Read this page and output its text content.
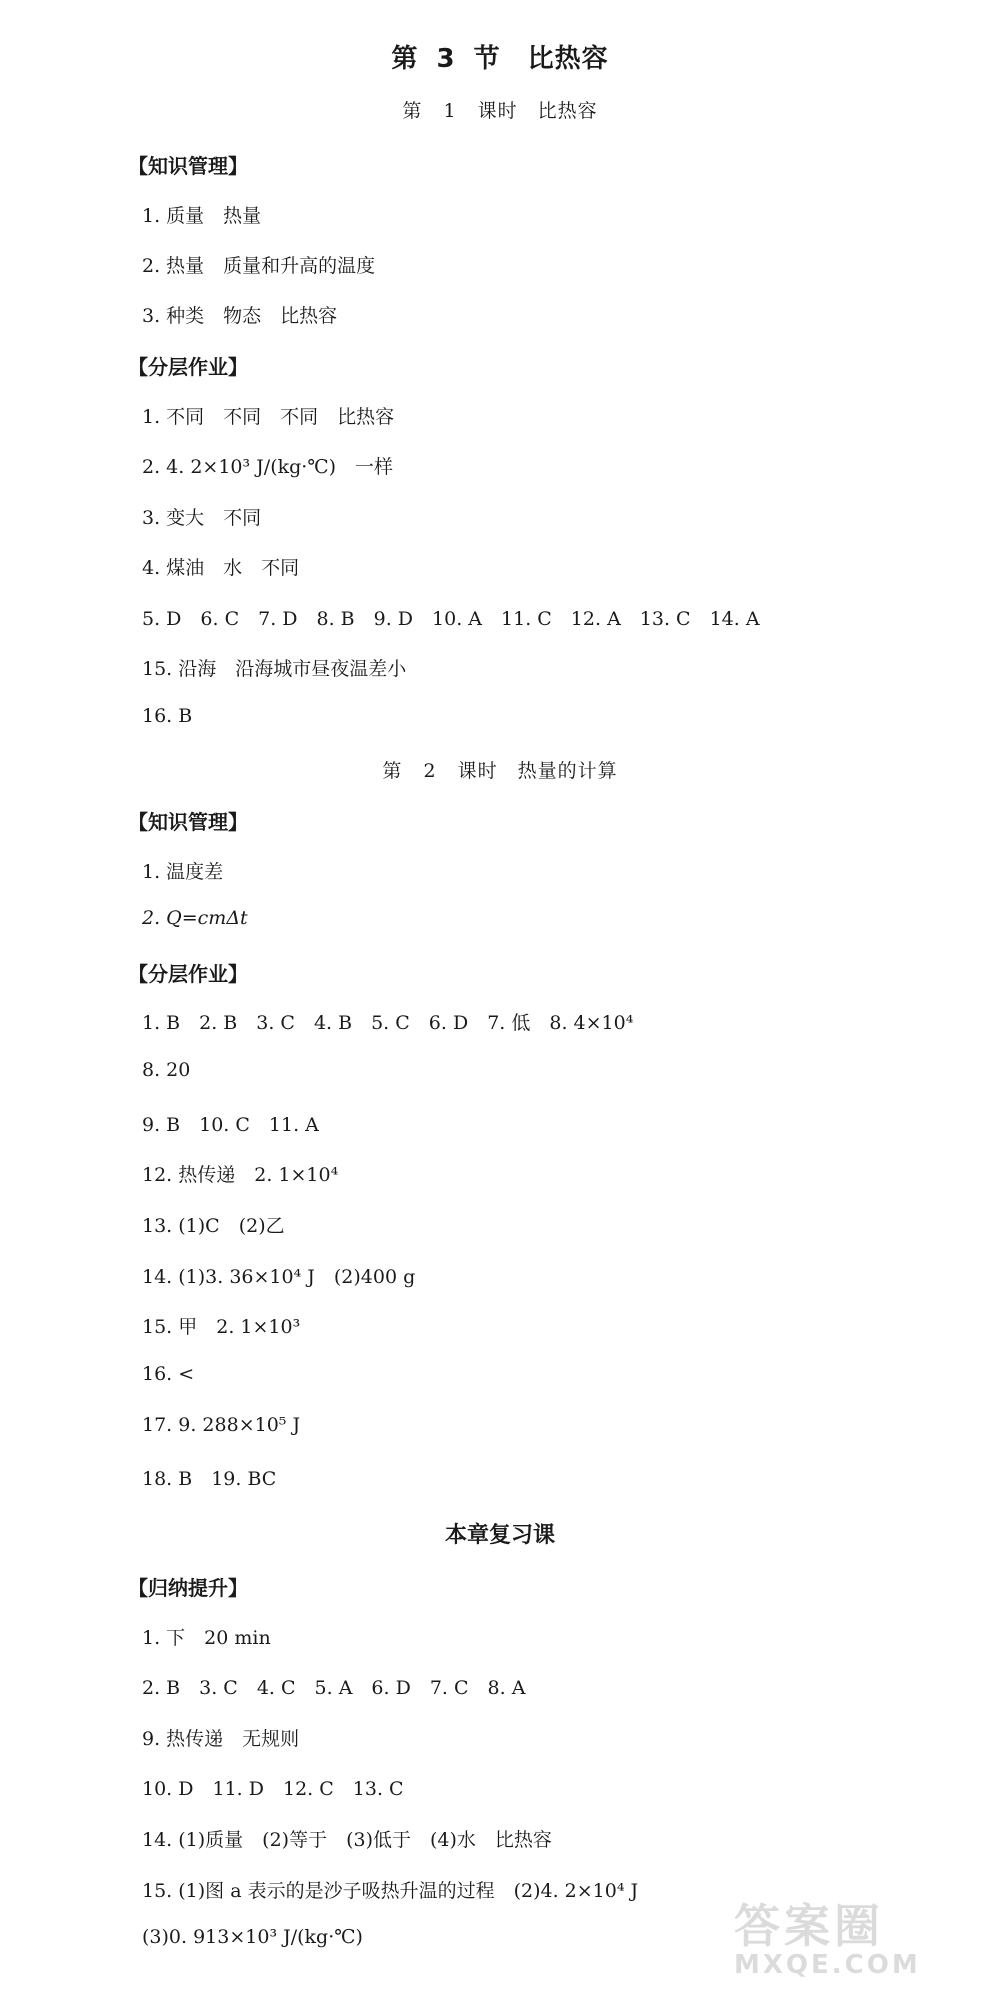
第 3 节　比热容
第 1 课时　比热容
【知识管理】
1. 质量　热量
2. 热量　质量和升高的温度
3. 种类　物态　比热容
【分层作业】
1. 不同　不同　不同　比热容
2. 4. 2×10³ J/(kg·℃)　一样
3. 变大　不同
4. 煤油　水　不同
5. D　6. C　7. D　8. B　9. D　10. A　11. C　12. A　13. C　14. A
15. 沿海　沿海城市昼夜温差小
16. B
第 2 课时　热量的计算
【知识管理】
1. 温度差
2. Q=cmΔt
【分层作业】
1. B　2. B　3. C　4. B　5. C　6. D　7. 低　8. 4×10⁴
8. 20
9. B　10. C　11. A
12. 热传递　2. 1×10⁴
13. (1)C　(2)乙
14. (1)3. 36×10⁴ J　(2)400 g
15. 甲　2. 1×10³
16. <
17. 9. 288×10⁵ J
18. B　19. BC
本章复习课
【归纳提升】
1. 下　20 min
2. B　3. C　4. C　5. A　6. D　7. C　8. A
9. 热传递　无规则
10. D　11. D　12. C　13. C
14. (1)质量　(2)等于　(3)低于　(4)水　比热容
15. (1)图 a 表示的是沙子吸热升温的过程　(2)4. 2×10⁴ J
(3)0. 913×10³ J/(kg·℃)	答案圈
MXQE.COM
